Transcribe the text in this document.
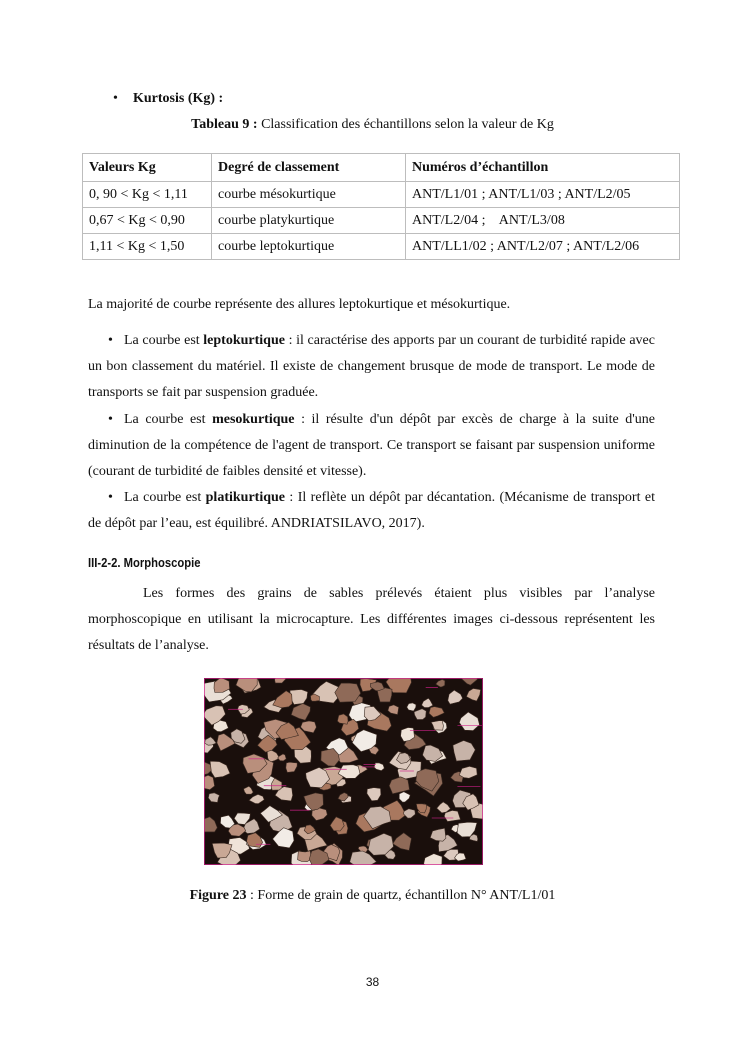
• Kurtosis (Kg) :
Tableau 9 : Classification des échantillons selon la valeur de Kg
Valeurs Kg	Degré de classement	Numéros d’échantillon
0, 90 < Kg < 1,11	courbe mésokurtique	ANT/L1/01 ; ANT/L1/03 ; ANT/L2/05
0,67 < Kg < 0,90	courbe platykurtique	ANT/L2/04 ;    ANT/L3/08
1,11 < Kg < 1,50	courbe leptokurtique	ANT/LL1/02 ; ANT/L2/07 ; ANT/L2/06

La majorité de courbe représente des allures leptokurtique et mésokurtique.

• La courbe est leptokurtique : il caractérise des apports par un courant de turbidité rapide avec un bon classement du matériel. Il existe de changement brusque de mode de transport. Le mode de transports se fait par suspension graduée.

• La courbe est mesokurtique : il résulte d'un dépôt par excès de charge à la suite d'une diminution de la compétence de l'agent de transport. Ce transport se faisant par suspension uniforme (courant de turbidité de faibles densité et vitesse).

• La courbe est platikurtique : Il reflète un dépôt par décantation. (Mécanisme de transport et de dépôt par l’eau, est équilibré. ANDRIATSILAVO, 2017).

III-2-2. Morphoscopie

Les formes des grains de sables prélevés étaient plus visibles par l’analyse morphoscopique en utilisant la microcapture. Les différentes images ci-dessous représentent les résultats de l’analyse.

Figure 23 : Forme de grain de quartz, échantillon N° ANT/L1/01
38
